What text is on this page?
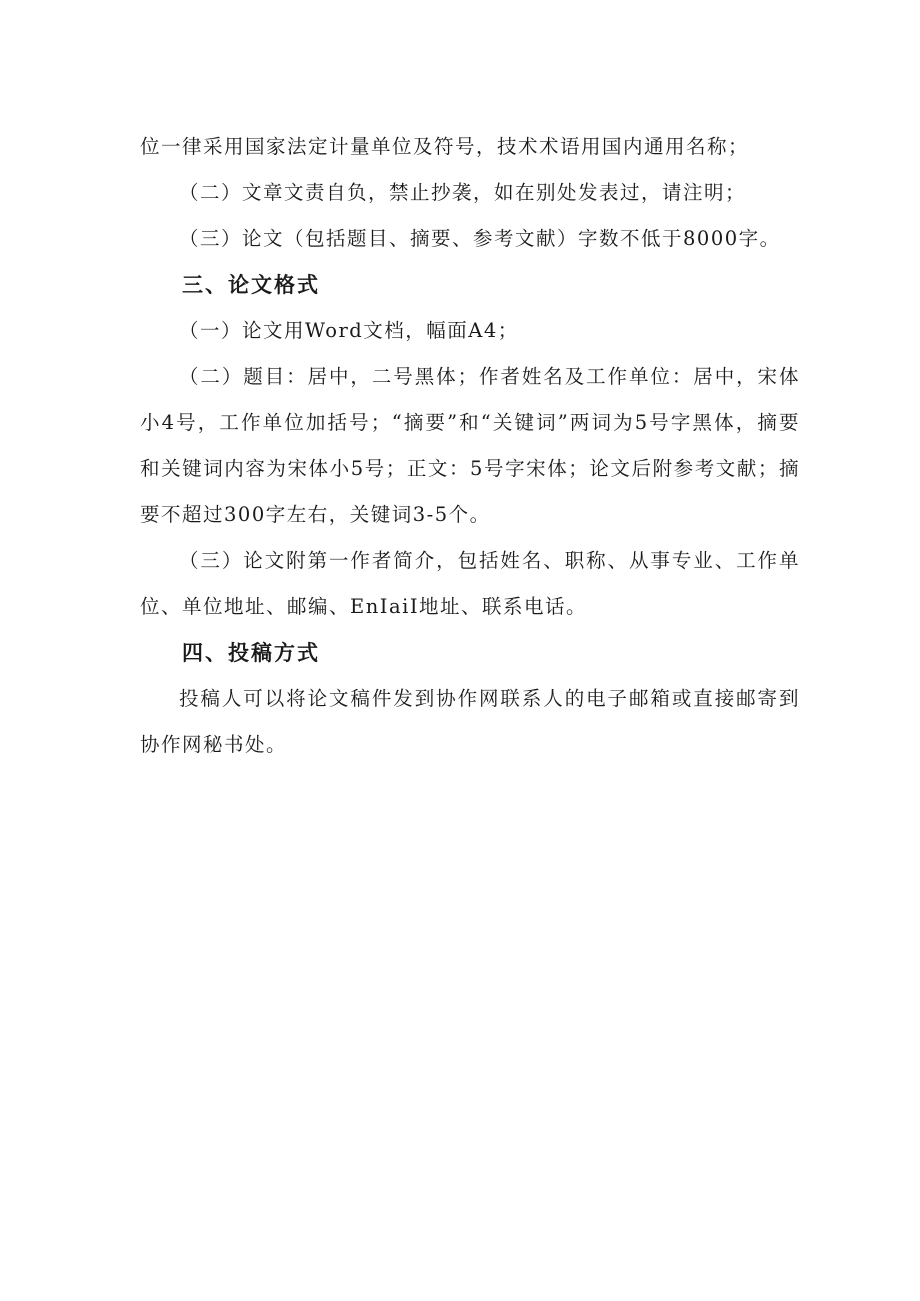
位一律采用国家法定计量单位及符号，技术术语用国内通用名称；

（二）文章文责自负，禁止抄袭，如在别处发表过，请注明；

（三）论文（包括题目、摘要、参考文献）字数不低于8000字。

三、论文格式

（一）论文用Word文档，幅面A4；

（二）题目：居中，二号黑体；作者姓名及工作单位：居中，宋体小4号，工作单位加括号；“摘要”和“关键词”两词为5号字黑体，摘要和关键词内容为宋体小5号；正文：5号字宋体；论文后附参考文献；摘要不超过300字左右，关键词3-5个。

（三）论文附第一作者简介，包括姓名、职称、从事专业、工作单位、单位地址、邮编、EnIaiI地址、联系电话。

四、投稿方式

投稿人可以将论文稿件发到协作网联系人的电子邮箱或直接邮寄到协作网秘书处。
